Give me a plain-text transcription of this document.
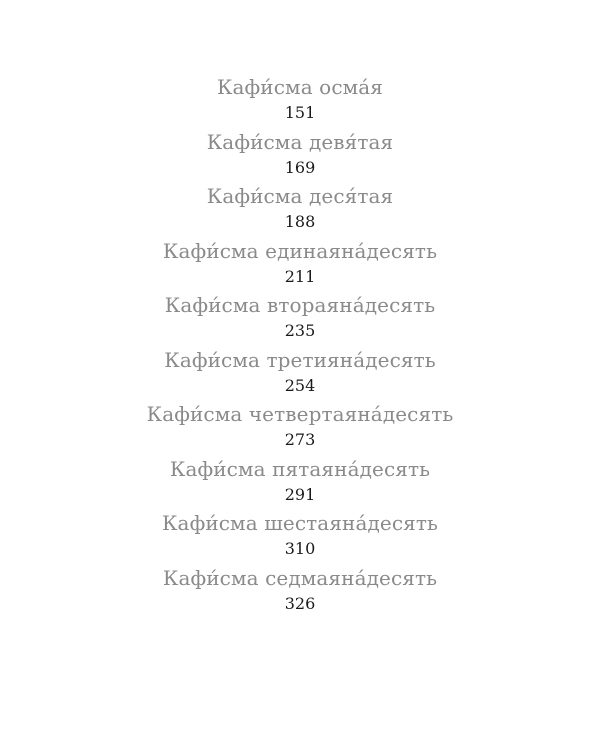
Кафи́сма осма́я
151
Кафи́сма девя́тая
169
Кафи́сма деся́тая
188
Кафи́сма единаяна́десять
211
Кафи́сма втораяна́десять
235
Кафи́сма третияна́десять
254
Кафи́сма четвертаяна́десять
273
Кафи́сма пятаяна́десять
291
Кафи́сма шестаяна́десять
310
Кафи́сма седмаяна́десять
326
